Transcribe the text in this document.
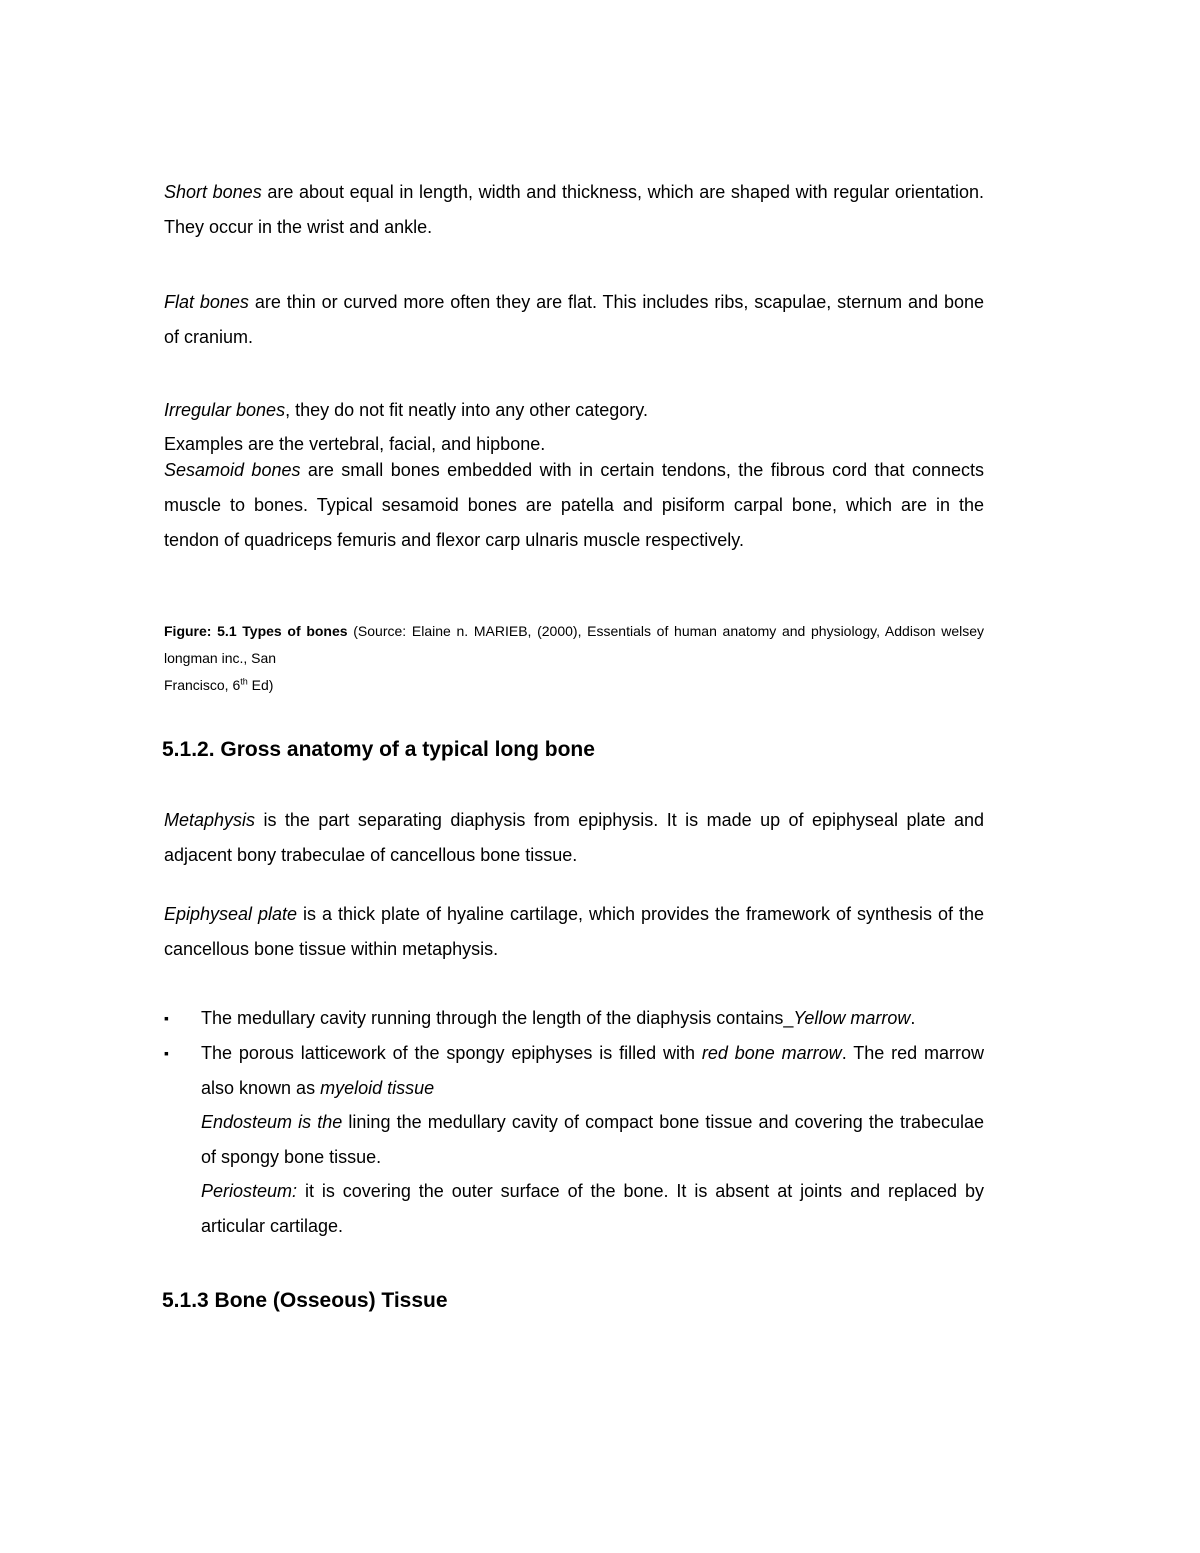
Short bones are about equal in length, width and thickness, which are shaped with regular orientation. They occur in the wrist and ankle.

Flat bones are thin or curved more often they are flat. This includes ribs, scapulae, sternum and bone of cranium.

Irregular bones, they do not fit neatly into any other category.

Examples are the vertebral, facial, and hipbone.

Sesamoid bones are small bones embedded with in certain tendons, the fibrous cord that connects muscle to bones. Typical sesamoid bones are patella and pisiform carpal bone, which are in the tendon of quadriceps femuris and flexor carp ulnaris muscle respectively.

Figure: 5.1 Types of bones (Source: Elaine n. MARIEB, (2000), Essentials of human anatomy and physiology, Addison welsey longman inc., San
Francisco, 6th Ed)

5.1.2. Gross anatomy of a typical long bone

Metaphysis is the part separating diaphysis from epiphysis. It is made up of epiphyseal plate and adjacent bony trabeculae of cancellous bone tissue.

Epiphyseal plate is a thick plate of hyaline cartilage, which provides the framework of synthesis of the cancellous bone tissue within metaphysis.

▪	The medullary cavity running through the length of the diaphysis contains_Yellow marrow.
▪	The porous latticework of the spongy epiphyses is filled with red bone marrow. The red marrow also known as myeloid tissue
Endosteum is the lining the medullary cavity of compact bone tissue and covering the trabeculae of spongy bone tissue.
Periosteum: it is covering the outer surface of the bone. It is absent at joints and replaced by articular cartilage.
5.1.3 Bone (Osseous) Tissue
